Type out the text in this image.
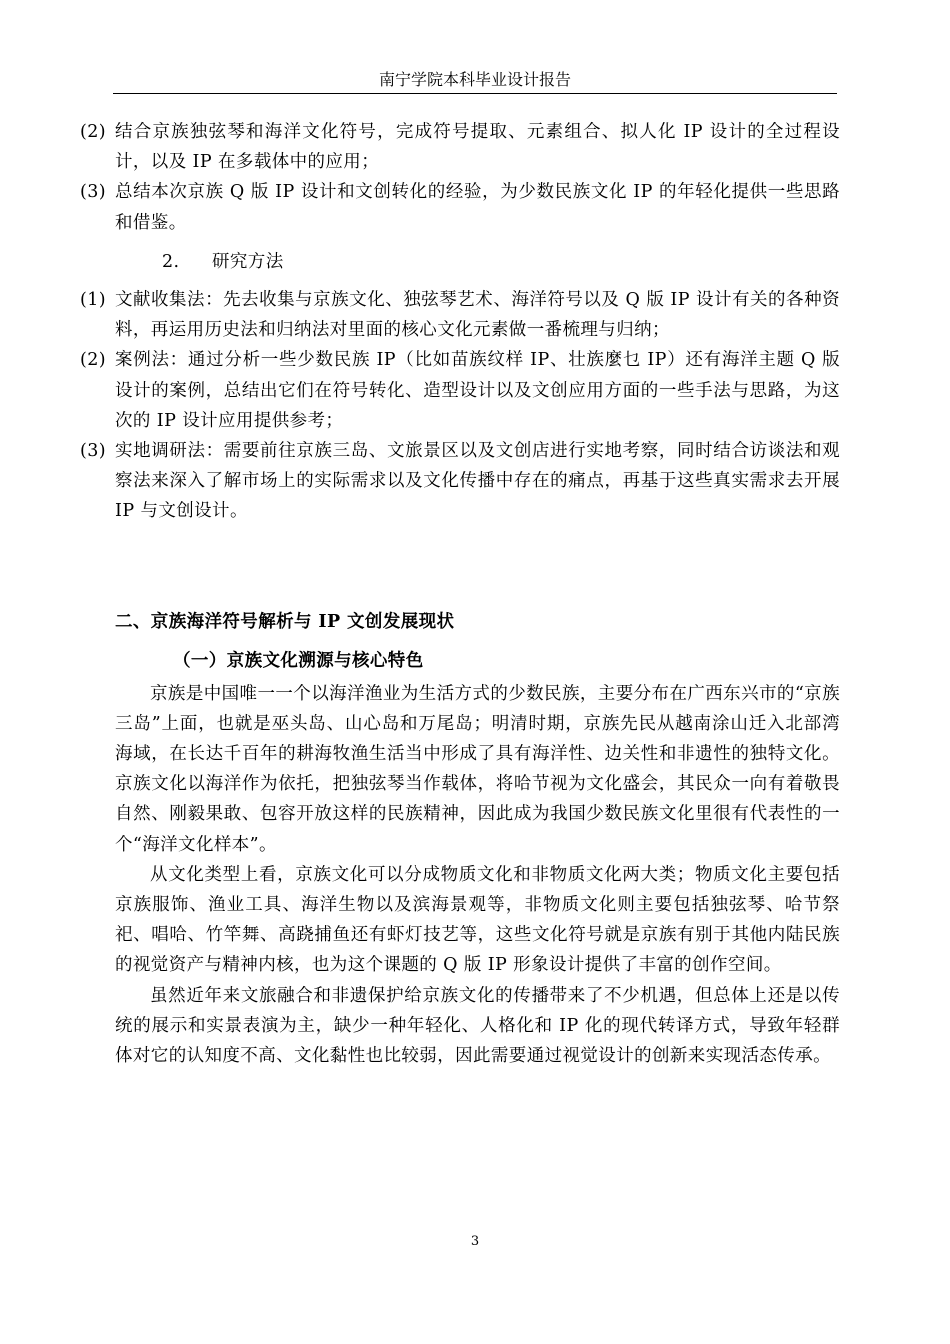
南宁学院本科毕业设计报告
(2) 结合京族独弦琴和海洋文化符号，完成符号提取、元素组合、拟人化 IP 设计的全过程设计，以及 IP 在多载体中的应用；

(3) 总结本次京族 Q 版 IP 设计和文创转化的经验，为少数民族文化 IP 的年轻化提供一些思路和借鉴。

2. 研究方法
(1) 文献收集法：先去收集与京族文化、独弦琴艺术、海洋符号以及 Q 版 IP 设计有关的各种资料，再运用历史法和归纳法对里面的核心文化元素做一番梳理与归纳；

(2) 案例法：通过分析一些少数民族 IP（比如苗族纹样 IP、壮族麼乜 IP）还有海洋主题 Q 版设计的案例，总结出它们在符号转化、造型设计以及文创应用方面的一些手法与思路，为这次的 IP 设计应用提供参考；

(3) 实地调研法：需要前往京族三岛、文旅景区以及文创店进行实地考察，同时结合访谈法和观察法来深入了解市场上的实际需求以及文化传播中存在的痛点，再基于这些真实需求去开展 IP 与文创设计。

二、京族海洋符号解析与 IP 文创发展现状

（一）京族文化溯源与核心特色

京族是中国唯一一个以海洋渔业为生活方式的少数民族，主要分布在广西东兴市的“京族三岛”上面，也就是巫头岛、山心岛和万尾岛；明清时期，京族先民从越南涂山迁入北部湾海域，在长达千百年的耕海牧渔生活当中形成了具有海洋性、边关性和非遗性的独特文化。京族文化以海洋作为依托，把独弦琴当作载体，将哈节视为文化盛会，其民众一向有着敬畏自然、刚毅果敢、包容开放这样的民族精神，因此成为我国少数民族文化里很有代表性的一个“海洋文化样本”。

从文化类型上看，京族文化可以分成物质文化和非物质文化两大类；物质文化主要包括京族服饰、渔业工具、海洋生物以及滨海景观等，非物质文化则主要包括独弦琴、哈节祭祀、唱哈、竹竿舞、高跷捕鱼还有虾灯技艺等，这些文化符号就是京族有别于其他内陆民族的视觉资产与精神内核，也为这个课题的 Q 版 IP 形象设计提供了丰富的创作空间。

虽然近年来文旅融合和非遗保护给京族文化的传播带来了不少机遇，但总体上还是以传统的展示和实景表演为主，缺少一种年轻化、人格化和 IP 化的现代转译方式，导致年轻群体对它的认知度不高、文化黏性也比较弱，因此需要通过视觉设计的创新来实现活态传承。

3
